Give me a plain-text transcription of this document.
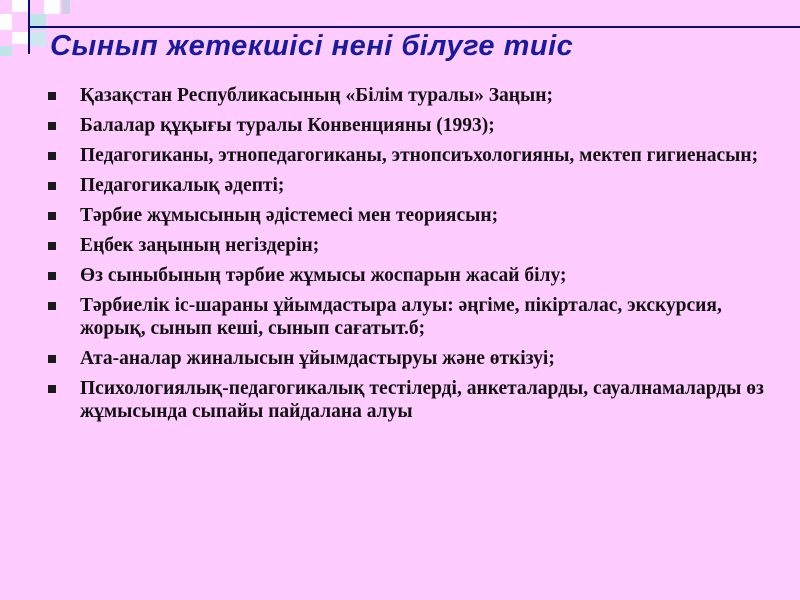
Сынып жетекшісі нені білуге тиіс
Қазақстан Республикасының «Білім туралы» Заңын;
Балалар құқығы туралы Конвенцияны (1993);
Педагогиканы, этнопедагогиканы, этнопсиъхологияны, мектеп гигиенасын;
Педагогикалық әдепті;
Тәрбие жұмысының әдістемесі мен теориясын;
Еңбек заңының негіздерін;
Өз сыныбының тәрбие жұмысы жоспарын жасай білу;
Тәрбиелік іс-шараны ұйымдастыра алуы: әңгіме, пікірталас, экскурсия, жорық, сынып кеші, сынып сағатыт.б;
Ата-аналар жиналысын ұйымдастыруы және өткізуі;
Психологиялық-педагогикалық тестілерді, анкеталарды, сауалнамаларды өз жұмысында сыпайы пайдалана алуы
